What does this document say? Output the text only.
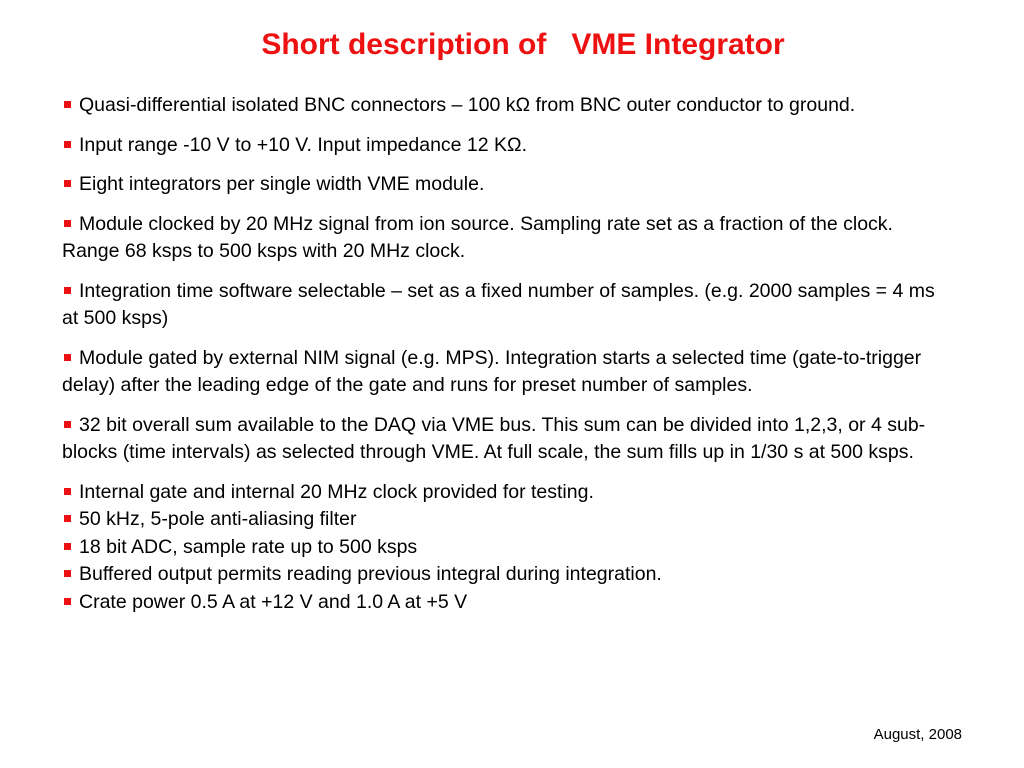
Short description of   VME Integrator

Quasi-differential isolated BNC connectors – 100 kΩ from BNC outer conductor to ground.

Input range -10 V to +10 V. Input impedance 12 KΩ.

Eight integrators per single width VME module.

Module clocked by 20 MHz signal from ion source. Sampling rate set as a fraction of the clock.    Range 68 ksps to 500 ksps with 20 MHz clock.

Integration time software selectable – set as a fixed number of samples. (e.g. 2000 samples = 4 ms at 500 ksps)

Module gated by external NIM signal (e.g. MPS). Integration starts a selected time (gate-to-trigger delay) after the leading edge of the gate and runs for preset number of samples.

32 bit overall sum available to the DAQ via VME bus. This sum can be divided into 1,2,3, or 4 sub- blocks (time intervals) as selected through VME. At full scale, the sum fills up in 1/30 s at 500 ksps.

Internal gate and internal 20 MHz clock provided for testing.

50 kHz, 5-pole anti-aliasing filter

18 bit ADC, sample rate up to 500 ksps

Buffered output permits reading previous integral during integration.

Crate power 0.5 A at +12 V and 1.0 A at +5 V

August, 2008
